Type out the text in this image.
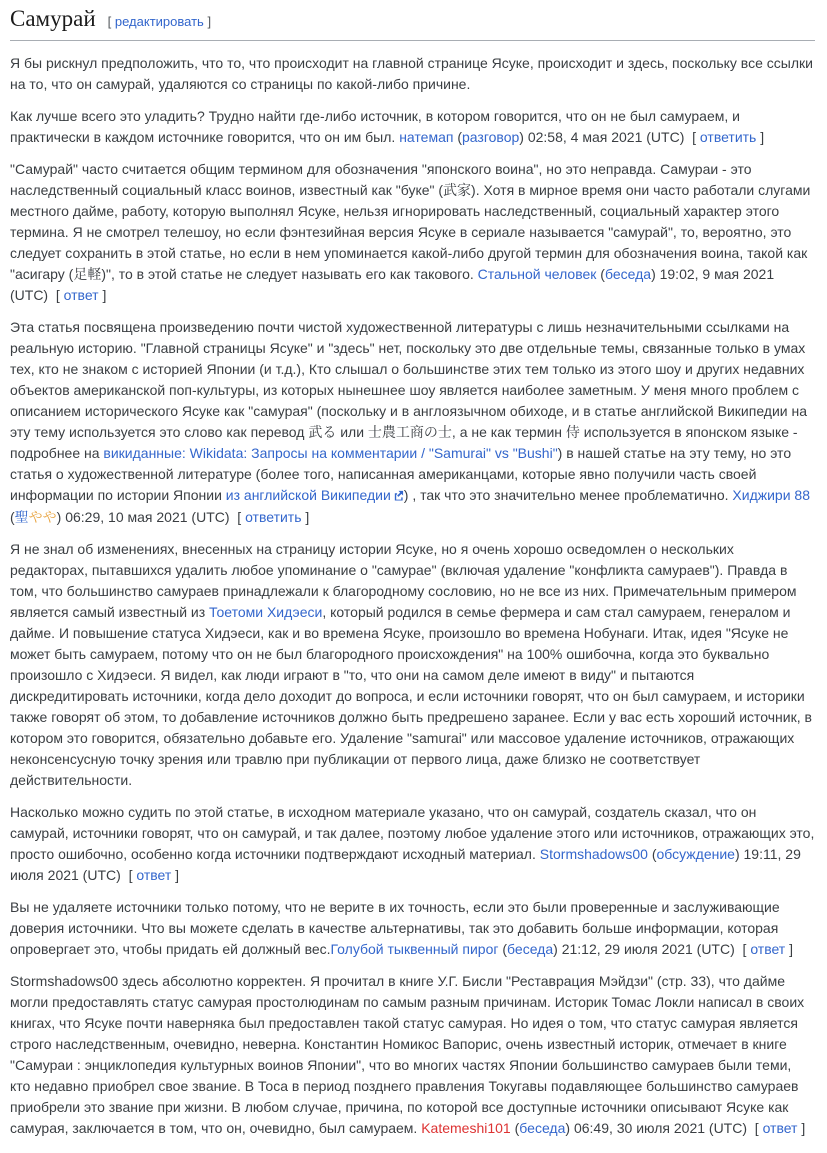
Самурай [ редактировать ]

Я бы рискнул предположить, что то, что происходит на главной странице Ясуке, происходит и здесь, поскольку все ссылки на то, что он самурай, удаляются со страницы по какой-либо причине.

Как лучше всего это уладить? Трудно найти где-либо источник, в котором говорится, что он не был самураем, и практически в каждом источнике говорится, что он им был. натемап (разговор) 02:58, 4 мая 2021 (UTC)  [ ответить ]

"Самурай" часто считается общим термином для обозначения "японского воина", но это неправда. Самураи - это наследственный социальный класс воинов, известный как "буке" (武家). Хотя в мирное время они часто работали слугами местного дайме, работу, которую выполнял Ясуке, нельзя игнорировать наследственный, социальный характер этого термина. Я не смотрел телешоу, но если фэнтезийная версия Ясуке в сериале называется "самурай", то, вероятно, это следует сохранить в этой статье, но если в нем упоминается какой-либо другой термин для обозначения воина, такой как "асигару (足軽)", то в этой статье не следует называть его как такового. Стальной человек (беседа) 19:02, 9 мая 2021 (UTC)  [ ответ ]

Эта статья посвящена произведению почти чистой художественной литературы с лишь незначительными ссылками на реальную историю. "Главной страницы Ясуке" и "здесь" нет, поскольку это две отдельные темы, связанные только в умах тех, кто не знаком с историей Японии (и т.д.), Кто слышал о большинстве этих тем только из этого шоу и других недавних объектов американской поп-культуры, из которых нынешнее шоу является наиболее заметным. У меня много проблем с описанием исторического Ясуке как "самурая" (поскольку и в англоязычном обиходе, и в статье английской Википедии на эту тему используется это слово как перевод 武る или 士農工商の士, а не как термин 侍 используется в японском языке - подробнее на викиданные: Wikidata: Запросы на комментарии / "Samurai" vs "Bushi") в нашей статье на эту тему, но это статья о художественной литературе (более того, написанная американцами, которые явно получили часть своей информации по истории Японии из английской Википедии ) , так что это значительно менее проблематично. Хиджири 88 (聖やや) 06:29, 10 мая 2021 (UTC)  [ ответить ]

Я не знал об изменениях, внесенных на страницу истории Ясуке, но я очень хорошо осведомлен о нескольких редакторах, пытавшихся удалить любое упоминание о "самурае" (включая удаление "конфликта самураев"). Правда в том, что большинство самураев принадлежали к благородному сословию, но не все из них. Примечательным примером является самый известный из Тоетоми Хидэеси, который родился в семье фермера и сам стал самураем, генералом и дайме. И повышение статуса Хидэеси, как и во времена Ясуке, произошло во времена Нобунаги. Итак, идея "Ясуке не может быть самураем, потому что он не был благородного происхождения" на 100% ошибочна, когда это буквально произошло с Хидэеси. Я видел, как люди играют в "то, что они на самом деле имеют в виду" и пытаются дискредитировать источники, когда дело доходит до вопроса, и если источники говорят, что он был самураем, и историки также говорят об этом, то добавление источников должно быть предрешено заранее. Если у вас есть хороший источник, в котором это говорится, обязательно добавьте его. Удаление "samurai" или массовое удаление источников, отражающих неконсенсусную точку зрения или травлю при публикации от первого лица, даже близко не соответствует действительности.

Насколько можно судить по этой статье, в исходном материале указано, что он самурай, создатель сказал, что он самурай, источники говорят, что он самурай, и так далее, поэтому любое удаление этого или источников, отражающих это, просто ошибочно, особенно когда источники подтверждают исходный материал. Stormshadows00 (обсуждение) 19:11, 29 июля 2021 (UTC)  [ ответ ]

Вы не удаляете источники только потому, что не верите в их точность, если это были проверенные и заслуживающие доверия источники. Что вы можете сделать в качестве альтернативы, так это добавить больше информации, которая опровергает это, чтобы придать ей должный вес.Голубой тыквенный пирог (беседа) 21:12, 29 июля 2021 (UTC)  [ ответ ]

Stormshadows00 здесь абсолютно корректен. Я прочитал в книге У.Г. Бисли "Реставрация Мэйдзи" (стр. 33), что дайме могли предоставлять статус самурая простолюдинам по самым разным причинам. Историк Томас Локли написал в своих книгах, что Ясуке почти наверняка был предоставлен такой статус самурая. Но идея о том, что статус самурая является строго наследственным, очевидно, неверна. Константин Номикос Вапорис, очень известный историк, отмечает в книге "Самураи : энциклопедия культурных воинов Японии", что во многих частях Японии большинство самураев были теми, кто недавно приобрел свое звание. В Тоса в период позднего правления Токугавы подавляющее большинство самураев приобрели это звание при жизни. В любом случае, причина, по которой все доступные источники описывают Ясуке как самурая, заключается в том, что он, очевидно, был самураем. Katemeshi101 (беседа) 06:49, 30 июля 2021 (UTC)  [ ответ ]
